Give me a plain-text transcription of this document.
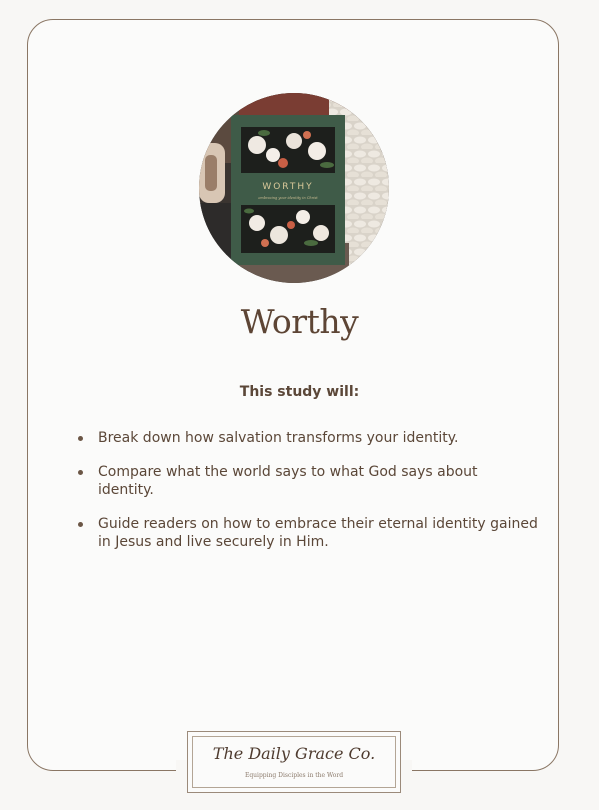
WORTHY
embracing your identity in Christ
Worthy
This study will:
Break down how salvation transforms your identity.
Compare what the world says to what God says about identity.
Guide readers on how to embrace their eternal identity gained in Jesus and live securely in Him.
The Daily Grace Co.
Equipping Disciples in the Word
